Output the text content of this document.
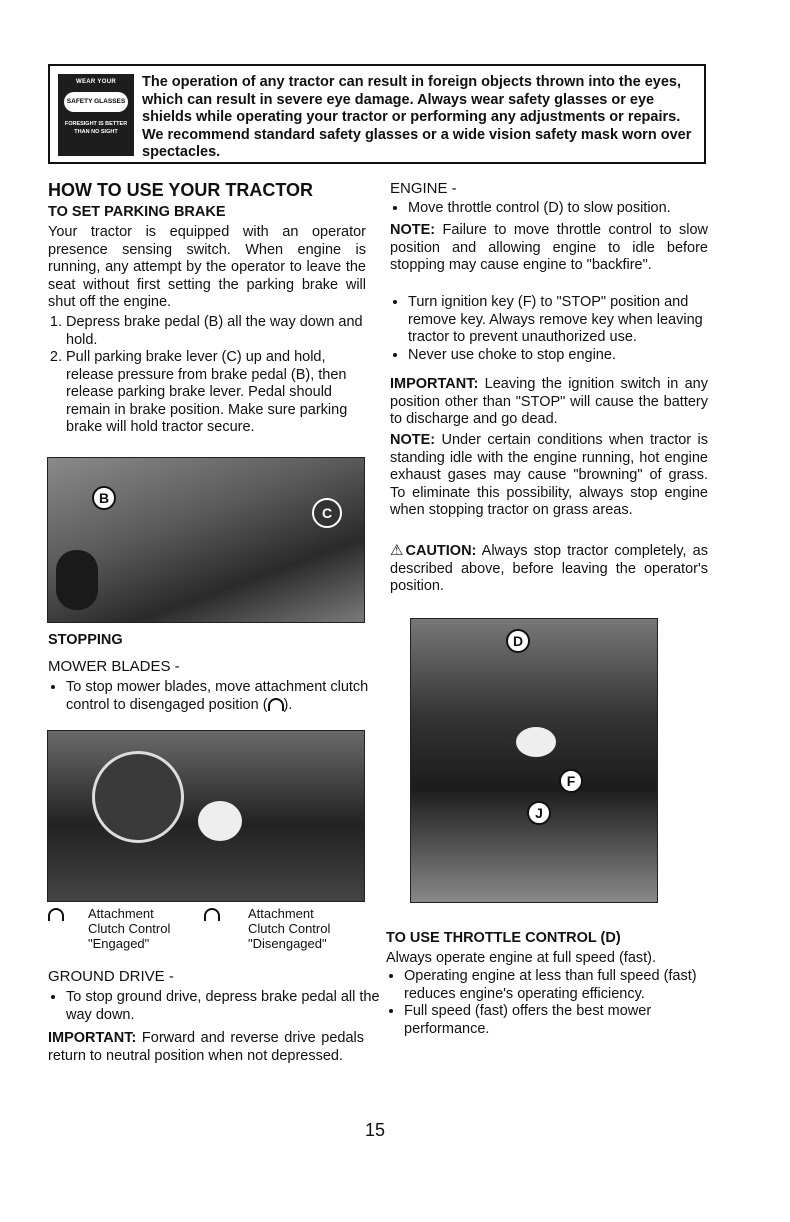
WEAR YOUR
SAFETY GLASSES
FORESIGHT IS BETTER THAN NO SIGHT
The operation of any tractor can result in foreign objects thrown into the eyes, which can result in severe eye damage. Always wear safety glasses or eye shields while operating your tractor or performing any adjustments or repairs. We recommend standard safety glasses or a wide vision safety mask worn over spectacles.
HOW TO USE YOUR TRACTOR
TO SET PARKING BRAKE
Your tractor is equipped with an operator presence sensing switch. When engine is running, any attempt by the operator to leave the seat without first setting the parking brake will shut off the engine.
1. Depress brake pedal (B) all the way down and hold.
2. Pull parking brake lever (C) up and hold, release pressure from brake pedal (B), then release parking brake lever. Pedal should remain in brake position. Make sure parking brake will hold tractor secure.
B
C
STOPPING
MOWER BLADES -
• To stop mower blades, move attachment clutch control to disengaged position ( ).
Attachment
Clutch Control
"Engaged"
Attachment
Clutch Control
"Disengaged"
GROUND DRIVE -
• To stop ground drive, depress brake pedal all the way down.
IMPORTANT: Forward and reverse drive pedals return to neutral position when not depressed.
ENGINE -
• Move throttle control (D) to slow position.
NOTE: Failure to move throttle control to slow position and allowing engine to idle before stopping may cause engine to "backfire".
• Turn ignition key (F) to "STOP" position and remove key. Always remove key when leaving tractor to prevent unauthorized use.
• Never use choke to stop engine.
IMPORTANT: Leaving the ignition switch in any position other than "STOP" will cause the battery to discharge and go dead.
NOTE: Under certain conditions when tractor is standing idle with the engine running, hot engine exhaust gases may cause "browning" of grass. To eliminate this possibility, always stop engine when stopping tractor on grass areas.
⚠CAUTION: Always stop tractor completely, as described above, before leaving the operator's position.
D
F
J
TO USE THROTTLE CONTROL (D)
Always operate engine at full speed (fast).
• Operating engine at less than full speed (fast) reduces engine's operating efficiency.
• Full speed (fast) offers the best mower performance.
15
